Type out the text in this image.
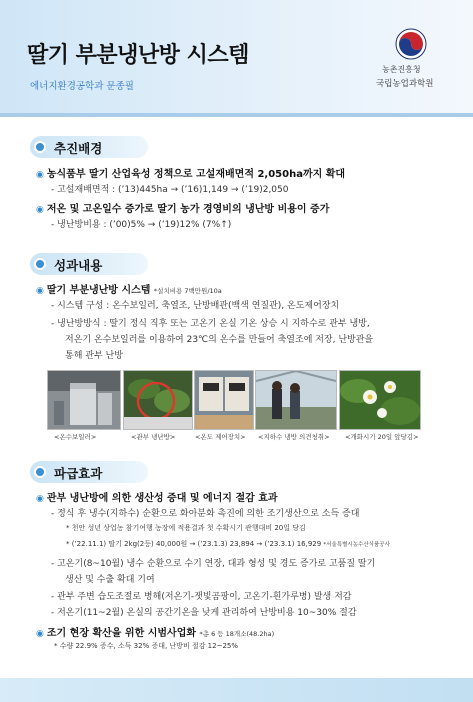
딸기 부분냉난방 시스템
에너지환경공학과 문종필
농촌진흥청
국립농업과학원
추진배경
◉ 농식품부 딸기 산업육성 정책으로 고설재배면적 2,050ha까지 확대
- 고설재배면적 : (’13)445ha → (’16)1,149 → (’19)2,050
◉ 저온 및 고온일수 증가로 딸기 농가 경영비의 냉난방 비용이 증가
- 냉난방비용 : (’00)5% → (’19)12% (7%↑)
성과내용
◉ 딸기 부분냉난방 시스템 *설치비용 7백만원/10a
- 시스템 구성 : 온수보일러, 축열조, 난방배관(백색 연질관), 온도제어장치
- 냉난방방식 : 딸기 정식 직후 또는 고온기 온실 기온 상승 시 지하수로 관부 냉방,
저온기 온수보일러를 이용하여 23℃의 온수를 만들어 축열조에 저장, 난방관을
통해 관부 난방
<온수보일러>	<관부 냉난방>	<온도 제어장치> <지하수 냉방 의견청취> <개화시기 20일 앞당김>
파급효과
◉ 관부 냉난방에 의한 생산성 증대 및 에너지 절감 효과
- 정식 후 냉수(지하수) 순환으로 화아분화 촉진에 의한 조기생산으로 소득 증대
* 천안 성년 상업농 참기여행 농장에 적용결과 첫 수확시기 관행대비 20일 당김
* (’22.11.1) 딸기 2kg(2등) 40,000원 → (’23.1.3) 23,894 → (’23.3.1) 16,929 *서울특별시농수산식품공사
- 고온기(8~10월) 냉수 순환으로 수기 연장, 대과 형성 및 경도 증가로 고품질 딸기
생산 및 수출 확대 기여
- 관부 주변 습도조절로 병해(저온기-잿빛곰팡이, 고온기-흰가루병) 발생 저감
- 저온기(11~2월) 온실의 공간기온을 낮게 관리하여 난방비용 10~30% 절감
◉ 조기 현장 확산을 위한 시범사업화 *총 6 등 18개소(48.2ha)
* 수량 22.9% 증수, 소득 32% 증대, 난방비 절감 12~25%
